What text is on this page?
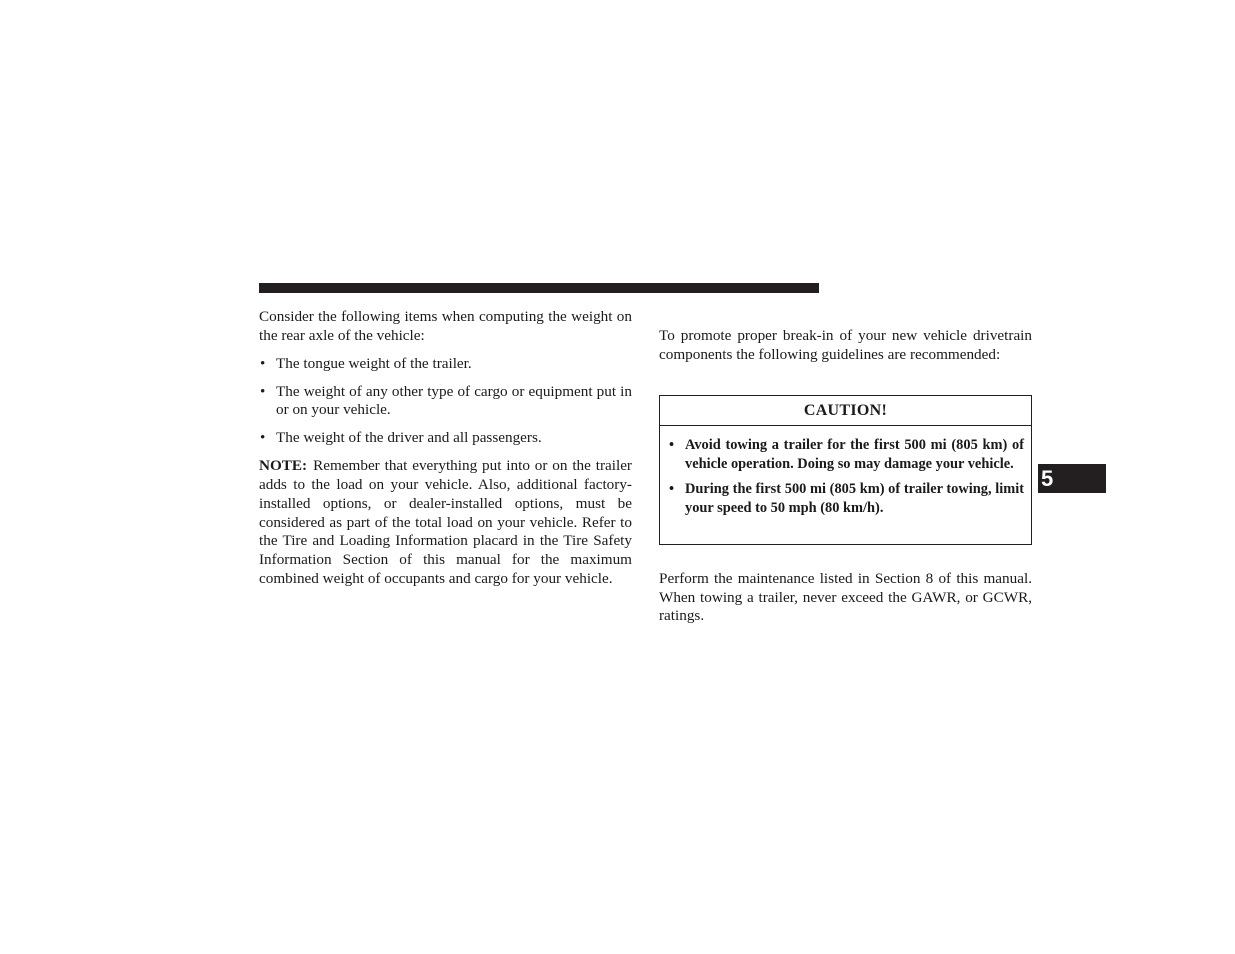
Consider the following items when computing the weight on the rear axle of the vehicle:

• The tongue weight of the trailer.
• The weight of any other type of cargo or equipment put in or on your vehicle.
• The weight of the driver and all passengers.

NOTE: Remember that everything put into or on the trailer adds to the load on your vehicle. Also, additional factory-installed options, or dealer-installed options, must be considered as part of the total load on your vehicle. Refer to the Tire and Loading Information placard in the Tire Safety Information Section of this manual for the maximum combined weight of occupants and cargo for your vehicle.

To promote proper break-in of your new vehicle drivetrain components the following guidelines are recommended:

CAUTION!
• Avoid towing a trailer for the first 500 mi (805 km) of vehicle operation. Doing so may damage your vehicle.
• During the first 500 mi (805 km) of trailer towing, limit your speed to 50 mph (80 km/h).

Perform the maintenance listed in Section 8 of this manual. When towing a trailer, never exceed the GAWR, or GCWR, ratings.

5
